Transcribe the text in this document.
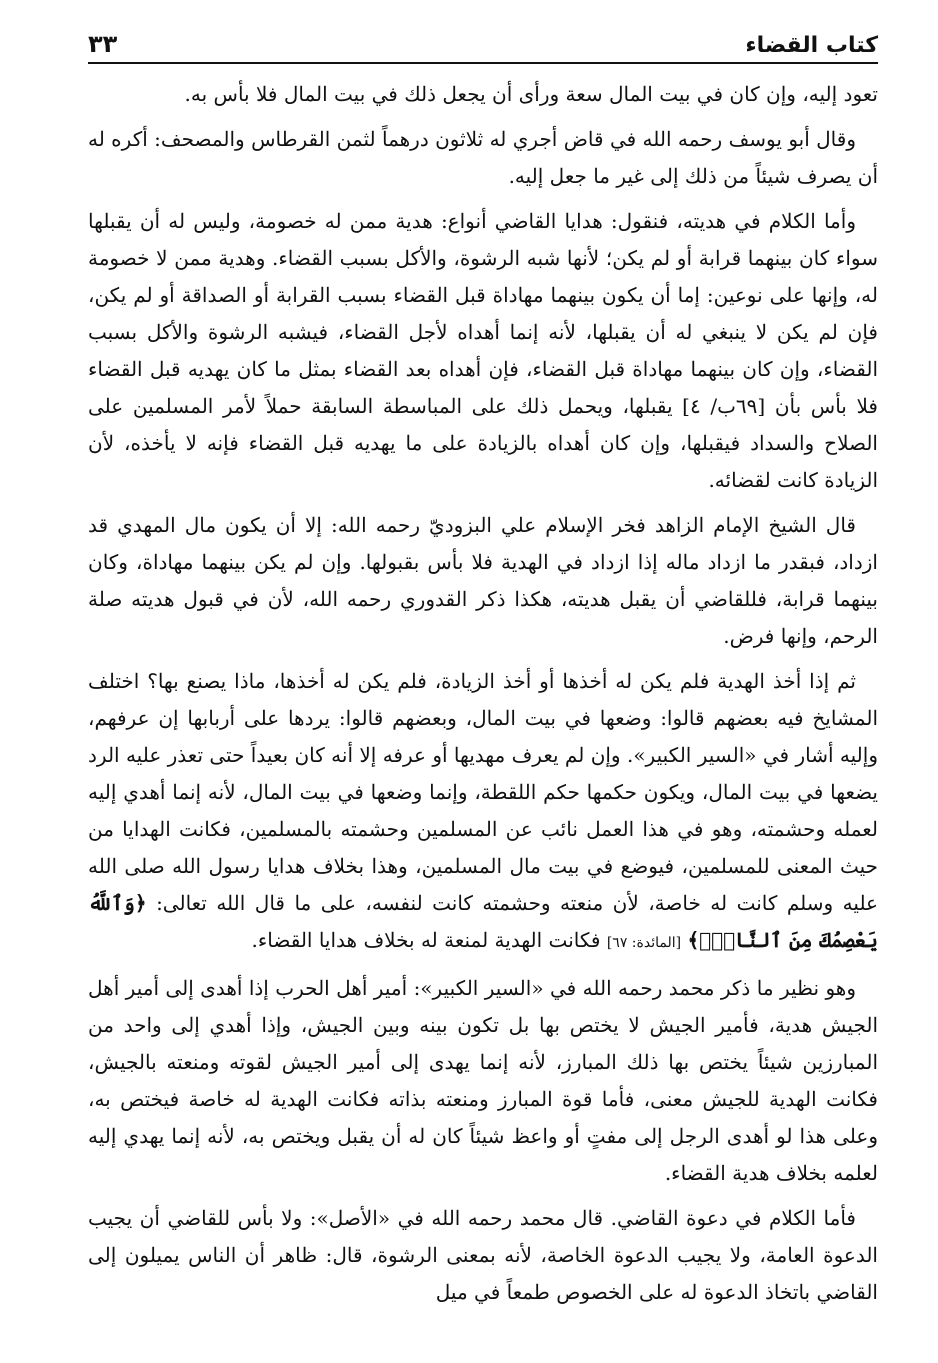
كتاب القضاء
٣٣

تعود إليه، وإن كان في بيت المال سعة ورأى أن يجعل ذلك في بيت المال فلا بأس به.

وقال أبو يوسف رحمه الله في قاض أجري له ثلاثون درهماً لثمن القرطاس والمصحف: أكره له أن يصرف شيئاً من ذلك إلى غير ما جعل إليه.

وأما الكلام في هديته، فنقول: هدايا القاضي أنواع: هدية ممن له خصومة، وليس له أن يقبلها سواء كان بينهما قرابة أو لم يكن؛ لأنها شبه الرشوة، والأكل بسبب القضاء. وهدية ممن لا خصومة له، وإنها على نوعين: إما أن يكون بينهما مهاداة قبل القضاء بسبب القرابة أو الصداقة أو لم يكن، فإن لم يكن لا ينبغي له أن يقبلها، لأنه إنما أهداه لأجل القضاء، فيشبه الرشوة والأكل بسبب القضاء، وإن كان بينهما مهاداة قبل القضاء، فإن أهداه بعد القضاء بمثل ما كان يهديه قبل القضاء فلا بأس بأن [٦٩ب/ ٤] يقبلها، ويحمل ذلك على المباسطة السابقة حملاً لأمر المسلمين على الصلاح والسداد فيقبلها، وإن كان أهداه بالزيادة على ما يهديه قبل القضاء فإنه لا يأخذه، لأن الزيادة كانت لقضائه.

قال الشيخ الإمام الزاهد فخر الإسلام علي البزوديّ رحمه الله: إلا أن يكون مال المهدي قد ازداد، فبقدر ما ازداد ماله إذا ازداد في الهدية فلا بأس بقبولها. وإن لم يكن بينهما مهاداة، وكان بينهما قرابة، فللقاضي أن يقبل هديته، هكذا ذكر القدوري رحمه الله، لأن في قبول هديته صلة الرحم، وإنها فرض.

ثم إذا أخذ الهدية فلم يكن له أخذها أو أخذ الزيادة، فلم يكن له أخذها، ماذا يصنع بها؟ اختلف المشايخ فيه بعضهم قالوا: وضعها في بيت المال، وبعضهم قالوا: يردها على أربابها إن عرفهم، وإليه أشار في «السير الكبير». وإن لم يعرف مهديها أو عرفه إلا أنه كان بعيداً حتى تعذر عليه الرد يضعها في بيت المال، ويكون حكمها حكم اللقطة، وإنما وضعها في بيت المال، لأنه إنما أهدي إليه لعمله وحشمته، وهو في هذا العمل نائب عن المسلمين وحشمته بالمسلمين، فكانت الهدايا من حيث المعنى للمسلمين، فيوضع في بيت مال المسلمين، وهذا بخلاف هدايا رسول الله صلى الله عليه وسلم كانت له خاصة، لأن منعته وحشمته كانت لنفسه، على ما قال الله تعالى: ﴿وَٱللَّهُ يَعْصِمُكَ مِنَ ٱلنَّاسِۗ﴾ [المائدة: ٦٧] فكانت الهدية لمنعة له بخلاف هدايا القضاء.

وهو نظير ما ذكر محمد رحمه الله في «السير الكبير»: أمير أهل الحرب إذا أهدى إلى أمير أهل الجيش هدية، فأمير الجيش لا يختص بها بل تكون بينه وبين الجيش، وإذا أهدي إلى واحد من المبارزين شيئاً يختص بها ذلك المبارز، لأنه إنما يهدى إلى أمير الجيش لقوته ومنعته بالجيش، فكانت الهدية للجيش معنى، فأما قوة المبارز ومنعته بذاته فكانت الهدية له خاصة فيختص به، وعلى هذا لو أهدى الرجل إلى مفتٍ أو واعظ شيئاً كان له أن يقبل ويختص به، لأنه إنما يهدي إليه لعلمه بخلاف هدية القضاء.

فأما الكلام في دعوة القاضي. قال محمد رحمه الله في «الأصل»: ولا بأس للقاضي أن يجيب الدعوة العامة، ولا يجيب الدعوة الخاصة، لأنه بمعنى الرشوة، قال: ظاهر أن الناس يميلون إلى القاضي باتخاذ الدعوة له على الخصوص طمعاً في ميل
